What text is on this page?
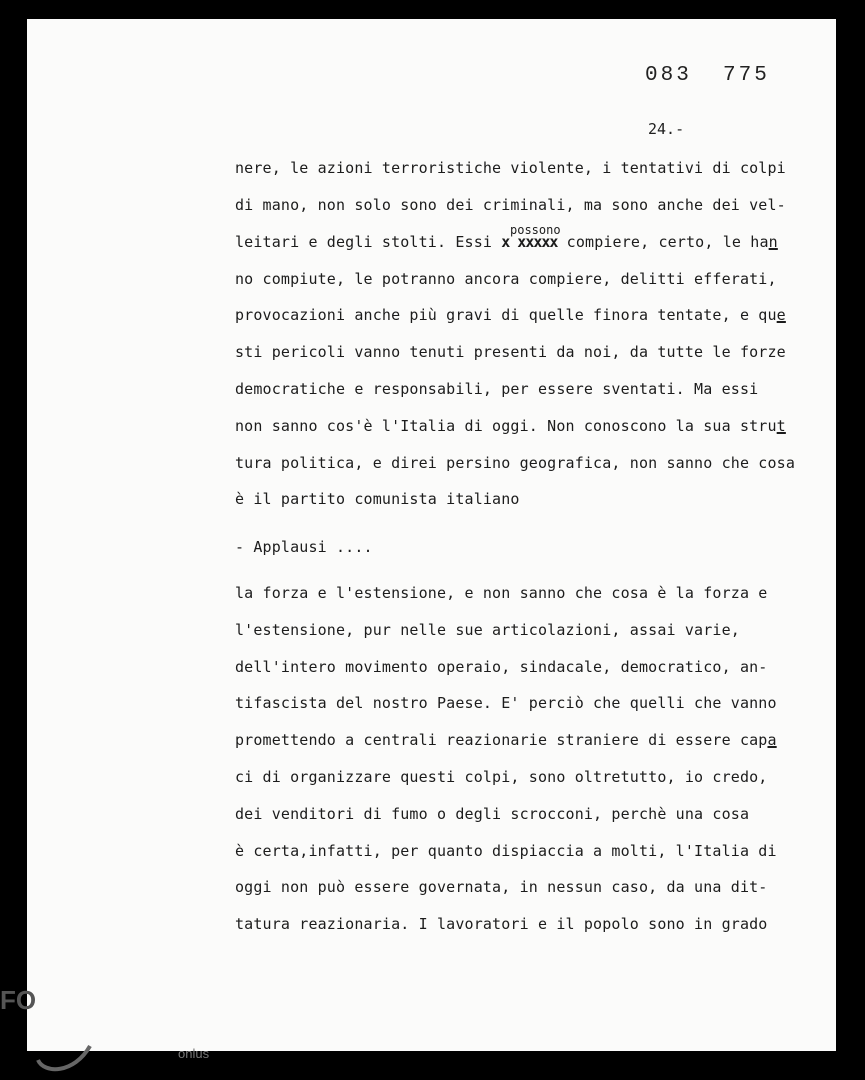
083  775
24.-
possono
nere, le azioni terroristiche violente, i tentativi di colpi
di mano, non solo sono dei criminali, ma sono anche dei vel-
leitari e degli stolti. Essi x xxxxx compiere, certo, le han
no compiute, le potranno ancora compiere, delitti efferati,
provocazioni anche più gravi di quelle finora tentate, e que
sti pericoli vanno tenuti presenti da noi, da tutte le forze
democratiche e responsabili, per essere sventati. Ma essi
non sanno cos'è l'Italia di oggi. Non conoscono la sua strut
tura politica, e direi persino geografica, non sanno che cosa
è il partito comunista italiano
- Applausi ....
la forza e l'estensione, e non sanno che cosa è la forza e
l'estensione, pur nelle sue articolazioni, assai varie,
dell'intero movimento operaio, sindacale, democratico, an-
tifascista del nostro Paese. E' perciò che quelli che vanno
promettendo a centrali reazionarie straniere di essere capa
ci di organizzare questi colpi, sono oltretutto, io credo,
dei venditori di fumo o degli scrocconi, perchè una cosa
è certa,infatti, per quanto dispiaccia a molti, l'Italia di
oggi non può essere governata, in nessun caso, da una dit-
tatura reazionaria. I lavoratori e il popolo sono in grado
FO
onlus
